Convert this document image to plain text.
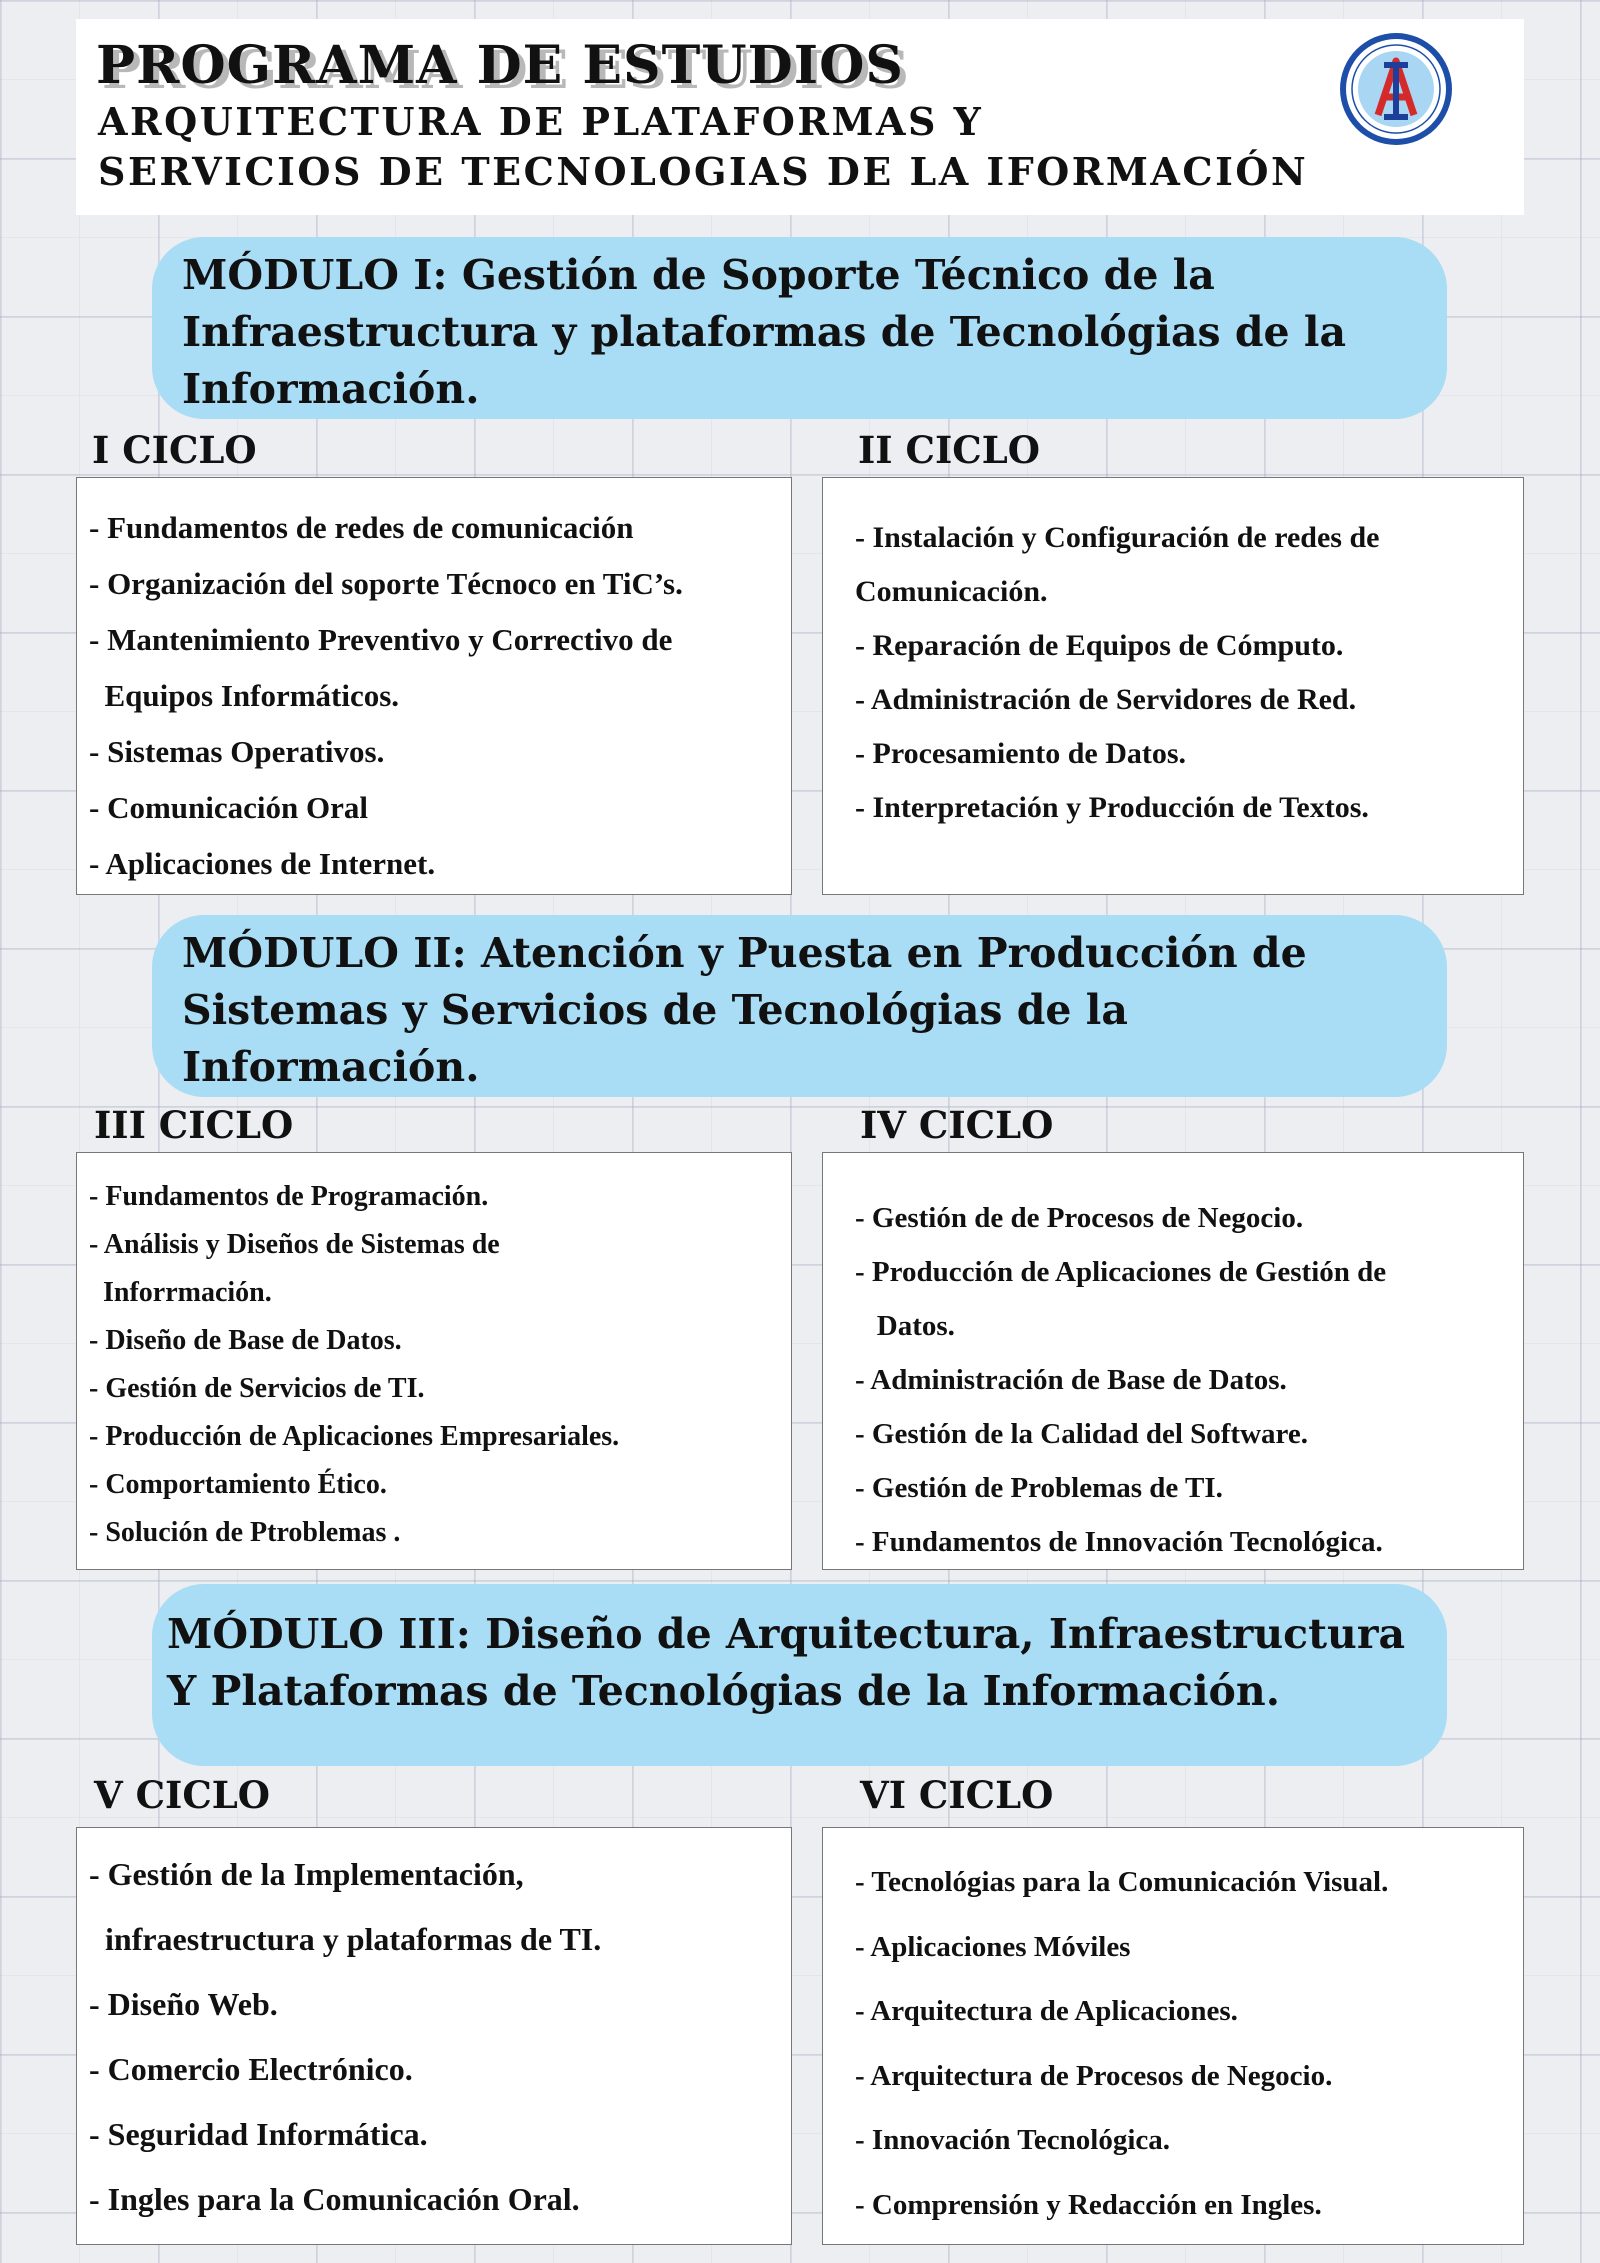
PROGRAMA DE ESTUDIOS
ARQUITECTURA DE PLATAFORMAS Y
SERVICIOS DE TECNOLOGIAS DE LA IFORMACIÓN

MÓDULO I: Gestión de Soporte Técnico de la

Infraestructura y plataformas de Tecnológias de la

Información.

I CICLO	II CICLO
- Fundamentos de redes de comunicación
- Organización del soporte Técnoco en TiC’s.
- Mantenimiento Preventivo y Correctivo de
Equipos Informáticos.
- Sistemas Operativos.
- Comunicación Oral
- Aplicaciones de Internet.
- Instalación y Configuración de redes de
Comunicación.
- Reparación de Equipos de Cómputo.
- Administración de Servidores de Red.
- Procesamiento de Datos.
- Interpretación y Producción de Textos.

MÓDULO II: Atención y Puesta en Producción de

Sistemas y Servicios de Tecnológias de la

Información.

III CICLO	IV CICLO
- Fundamentos de Programación.
- Análisis y Diseños de Sistemas de
Inforrmación.
- Diseño de Base de Datos.
- Gestión de Servicios de TI.
- Producción de Aplicaciones Empresariales.
- Comportamiento Ético.
- Solución de Ptroblemas .
- Gestión de de Procesos de Negocio.
- Producción de Aplicaciones de Gestión de
Datos.
- Administración de Base de Datos.
- Gestión de la Calidad del Software.
- Gestión de Problemas de TI.
- Fundamentos de Innovación Tecnológica.

MÓDULO III: Diseño de Arquitectura, Infraestructura

Y Plataformas de Tecnológias de la Información.

V CICLO	VI CICLO
- Gestión de la Implementación,
infraestructura y plataformas de TI.
- Diseño Web.
- Comercio Electrónico.
- Seguridad Informática.
- Ingles para la Comunicación Oral.
- Tecnológias para la Comunicación Visual.
- Aplicaciones Móviles
- Arquitectura de Aplicaciones.
- Arquitectura de Procesos de Negocio.
- Innovación Tecnológica.
- Comprensión y Redacción en Ingles.
